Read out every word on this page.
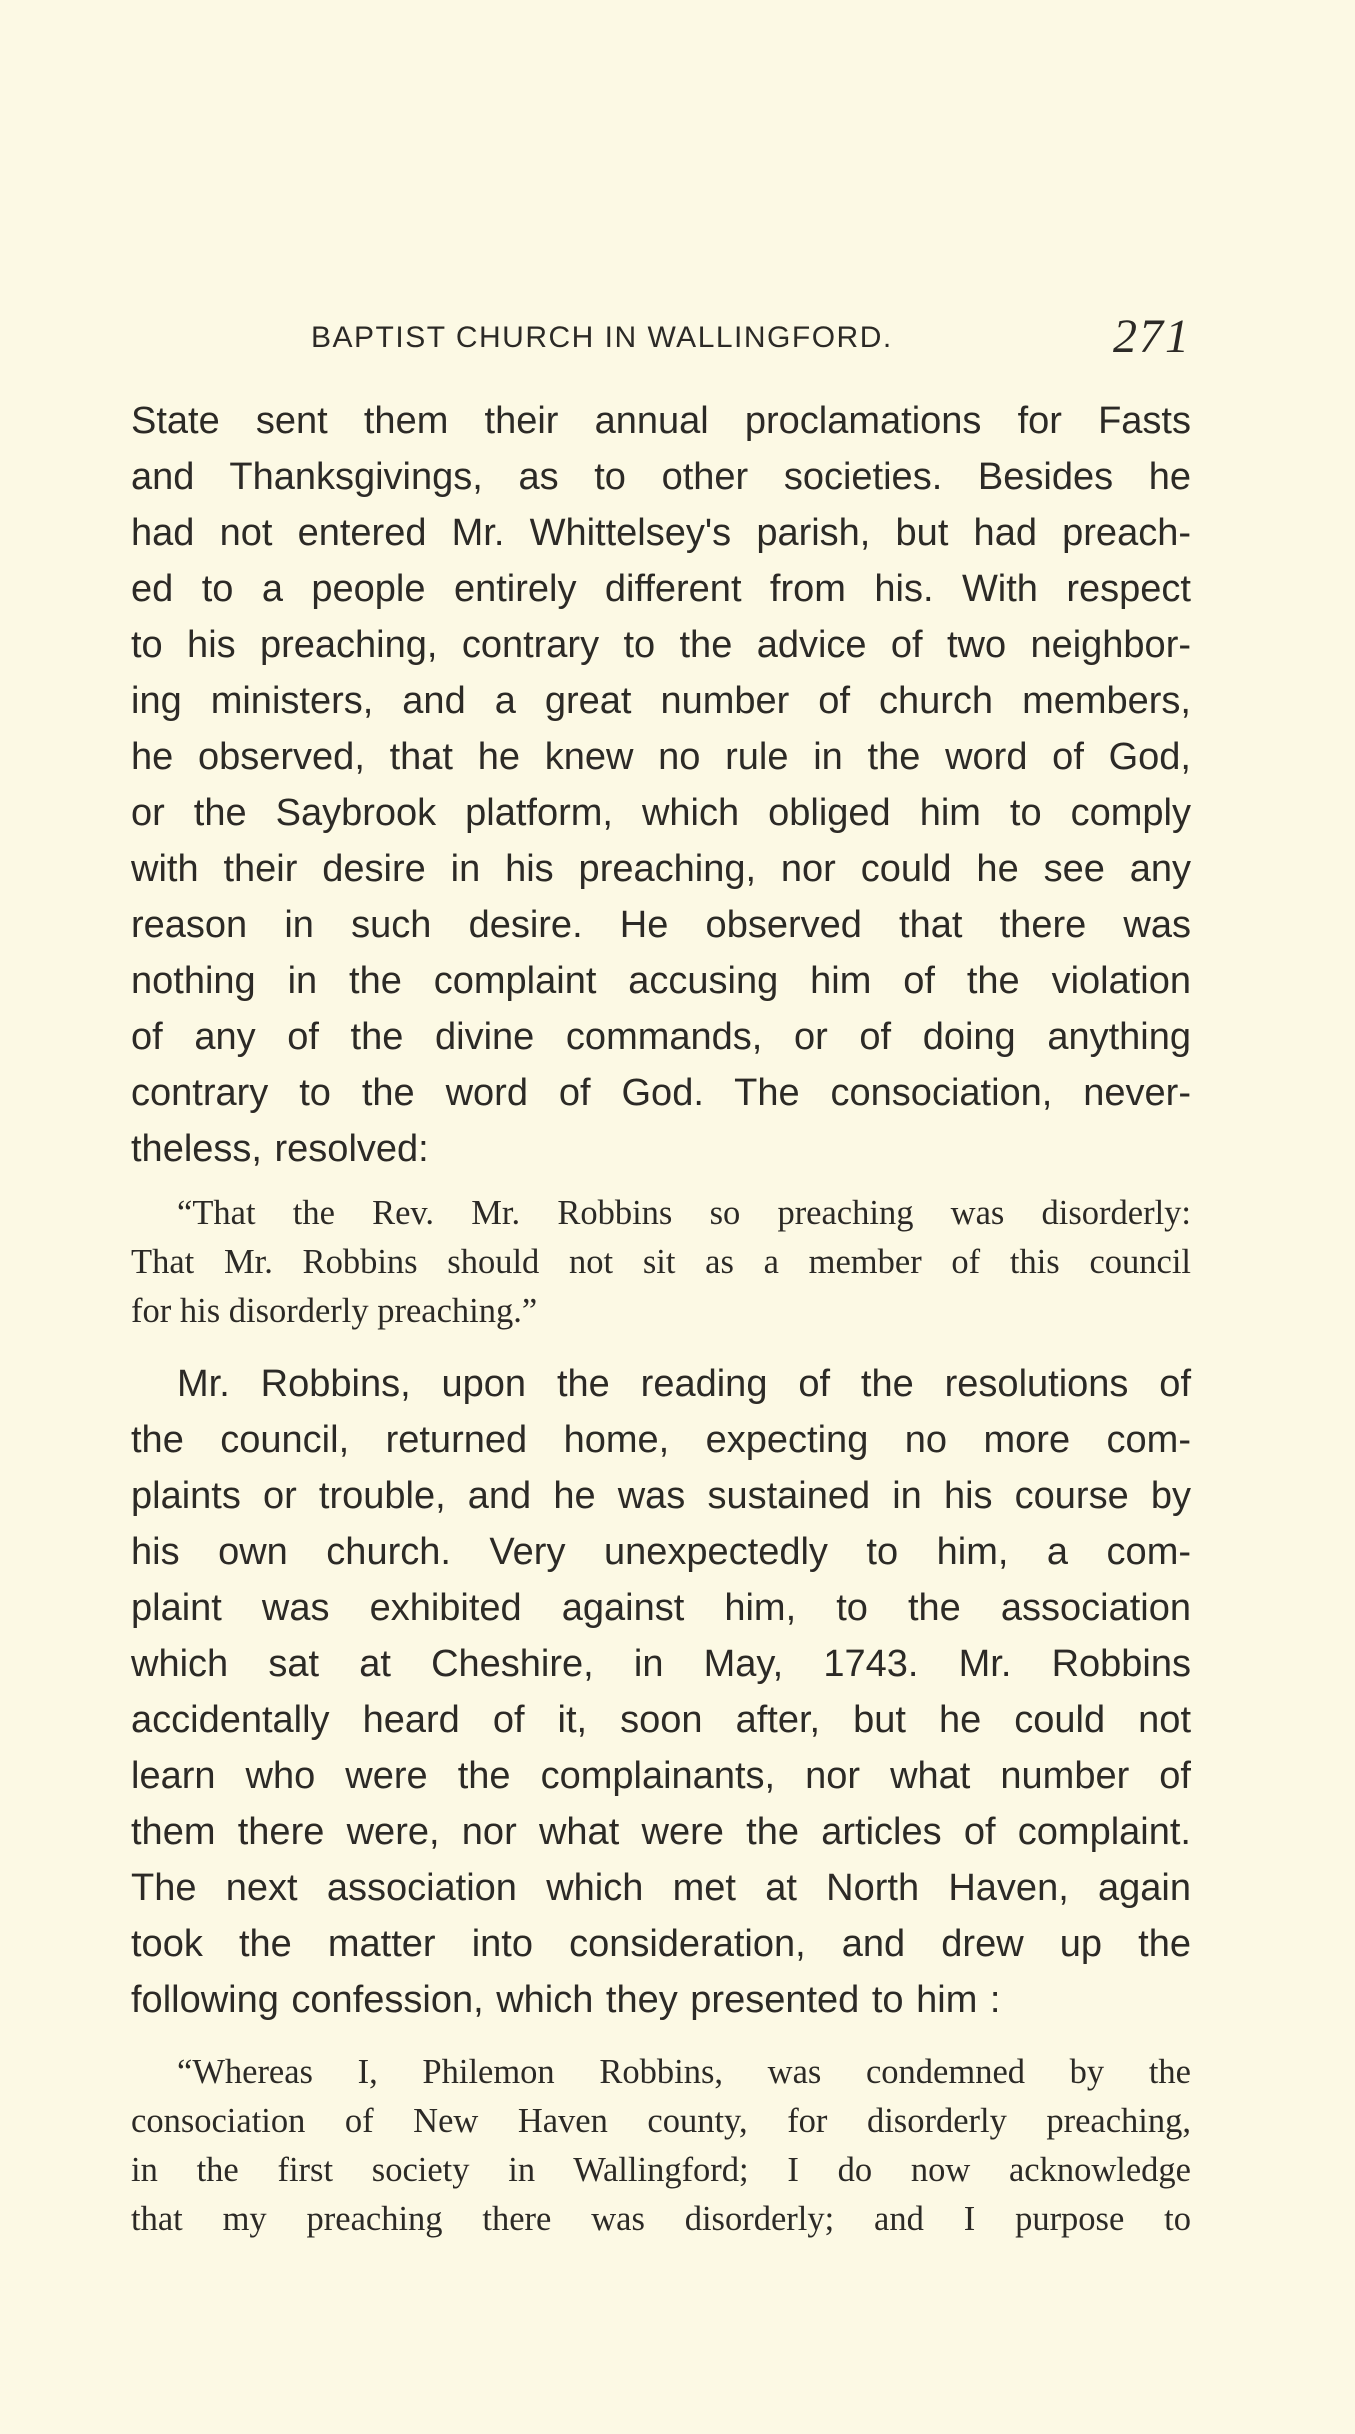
BAPTIST CHURCH IN WALLINGFORD.	271
State sent them their annual proclamations for Fasts
and Thanksgivings, as to other societies. Besides he
had not entered Mr. Whittelsey's parish, but had preach-
ed to a people entirely different from his. With respect
to his preaching, contrary to the advice of two neighbor-
ing ministers, and a great number of church members,
he observed, that he knew no rule in the word of God,
or the Saybrook platform, which obliged him to comply
with their desire in his preaching, nor could he see any
reason in such desire. He observed that there was
nothing in the complaint accusing him of the violation
of any of the divine commands, or of doing anything
contrary to the word of God. The consociation, never-
theless, resolved:
“That the Rev. Mr. Robbins so preaching was disorderly:
That Mr. Robbins should not sit as a member of this council
for his disorderly preaching.”
Mr. Robbins, upon the reading of the resolutions of
the council, returned home, expecting no more com-
plaints or trouble, and he was sustained in his course by
his own church. Very unexpectedly to him, a com-
plaint was exhibited against him, to the association
which sat at Cheshire, in May, 1743. Mr. Robbins
accidentally heard of it, soon after, but he could not
learn who were the complainants, nor what number of
them there were, nor what were the articles of complaint.
The next association which met at North Haven, again
took the matter into consideration, and drew up the
following confession, which they presented to him :
“Whereas I, Philemon Robbins, was condemned by the
consociation of New Haven county, for disorderly preaching,
in the first society in Wallingford; I do now acknowledge
that my preaching there was disorderly; and I purpose to
